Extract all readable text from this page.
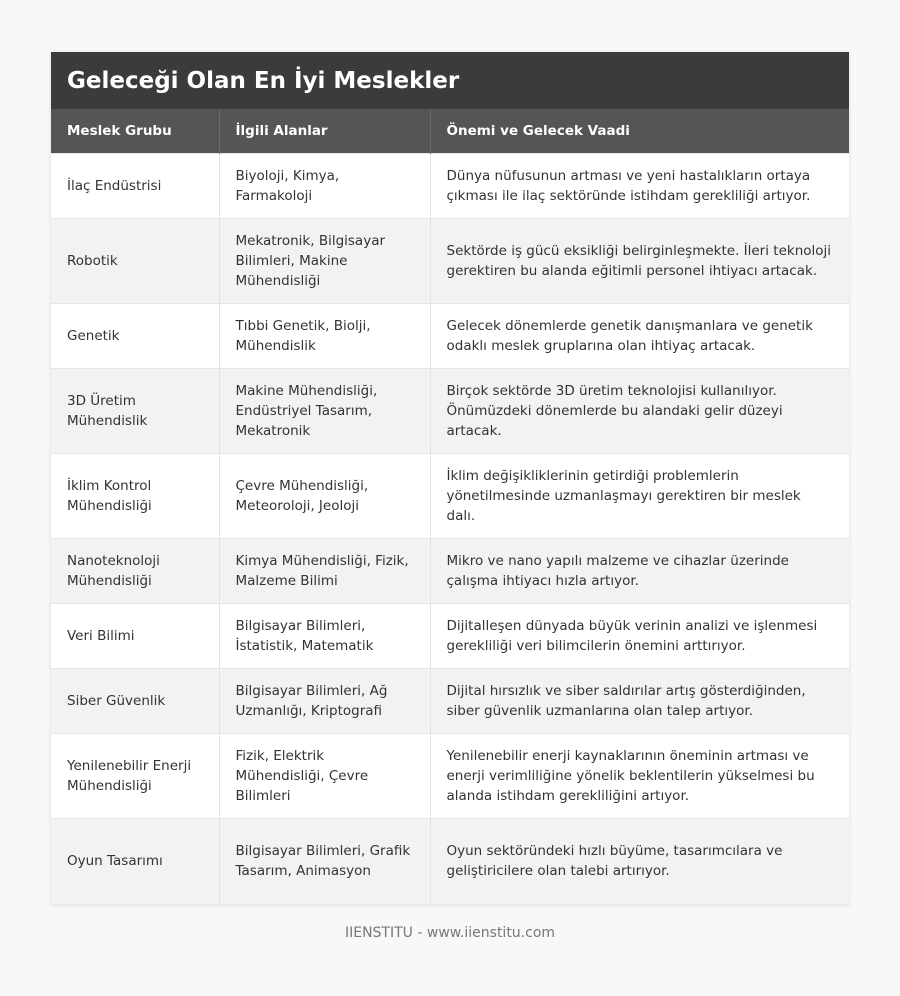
Geleceği Olan En İyi Meslekler
Meslek Grubu	İlgili Alanlar	Önemi ve Gelecek Vaadi
İlaç Endüstrisi	Biyoloji, Kimya, Farmakoloji	Dünya nüfusunun artması ve yeni hastalıkların ortaya çıkması ile ilaç sektöründe istihdam gerekliliği artıyor.
Robotik	Mekatronik, Bilgisayar Bilimleri, Makine Mühendisliği	Sektörde iş gücü eksikliği belirginleşmekte. İleri teknoloji gerektiren bu alanda eğitimli personel ihtiyacı artacak.
Genetik	Tıbbi Genetik, Biolji, Mühendislik	Gelecek dönemlerde genetik danışmanlara ve genetik odaklı meslek gruplarına olan ihtiyaç artacak.
3D Üretim Mühendislik	Makine Mühendisliği, Endüstriyel Tasarım, Mekatronik	Birçok sektörde 3D üretim teknolojisi kullanılıyor. Önümüzdeki dönemlerde bu alandaki gelir düzeyi artacak.
İklim Kontrol Mühendisliği	Çevre Mühendisliği, Meteoroloji, Jeoloji	İklim değişikliklerinin getirdiği problemlerin yönetilmesinde uzmanlaşmayı gerektiren bir meslek dalı.
Nanoteknoloji Mühendisliği	Kimya Mühendisliği, Fizik, Malzeme Bilimi	Mikro ve nano yapılı malzeme ve cihazlar üzerinde çalışma ihtiyacı hızla artıyor.
Veri Bilimi	Bilgisayar Bilimleri, İstatistik, Matematik	Dijitalleşen dünyada büyük verinin analizi ve işlenmesi gerekliliği veri bilimcilerin önemini arttırıyor.
Siber Güvenlik	Bilgisayar Bilimleri, Ağ Uzmanlığı, Kriptografi	Dijital hırsızlık ve siber saldırılar artış gösterdiğinden, siber güvenlik uzmanlarına olan talep artıyor.
Yenilenebilir Enerji Mühendisliği	Fizik, Elektrik Mühendisliği, Çevre Bilimleri	Yenilenebilir enerji kaynaklarının öneminin artması ve enerji verimliliğine yönelik beklentilerin yükselmesi bu alanda istihdam gerekliliğini artıyor.
Oyun Tasarımı	Bilgisayar Bilimleri, Grafik Tasarım, Animasyon	Oyun sektöründeki hızlı büyüme, tasarımcılara ve geliştiricilere olan talebi artırıyor.
IIENSTITU - www.iienstitu.com
